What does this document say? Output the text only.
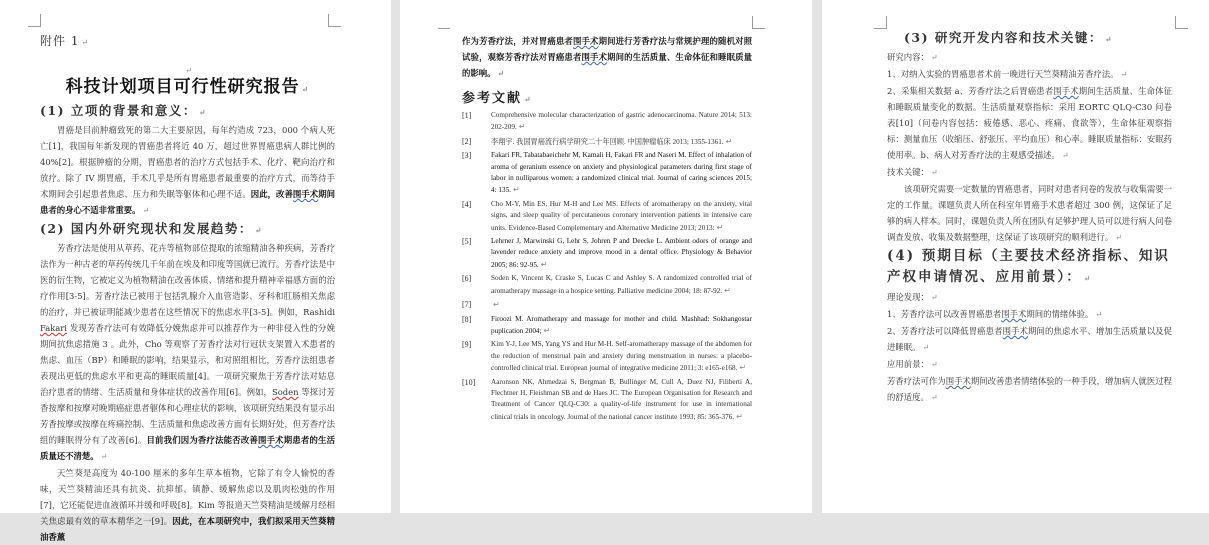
附件 1 ↵

↵
科技计划项目可行性研究报告 ↵
(1) 立项的背景和意义： ↵

胃癌是目前肿瘤致死的第二大主要原因，每年约造成 723，000 个病人死亡[1]，我国每年新发现的胃癌患者将近 40 万，超过世界胃癌患病人群比例的40%[2]。根据肿瘤的分期，胃癌患者的治疗方式包括手术、化疗、靶向治疗和放疗。除了 IV 期胃癌，手术几乎是所有胃癌患者最重要的治疗方式，而等待手术期间会引起患者焦虑、压力和失眠等躯体和心理不适。因此，改善围手术期间患者的身心不适非常重要。 ↵

(2) 国内外研究现状和发展趋势： ↵

芳香疗法是使用从草药、花卉等植物部位提取的浓缩精油各种疾病，芳香疗法作为一种古老的草药传统几千年前在埃及和印度等国就已流行。芳香疗法是中医的衍生物，它被定义为植物精油在改善体质、情绪和提升精神幸福感方面的治疗作用[3-5]。芳香疗法已被用于包括乳腺介入血管造影、牙科和肛肠相关焦虑的治疗，并已被证明能减少患者在这些情况下的焦虑水平[3-5]。例如，Rashidi Fakari 发现芳香疗法可有效降低分娩焦虑并可以推荐作为一种非侵入性的分娩期间抗焦虑措施 3 。此外，Cho 等观察了芳香疗法对行冠状支架置入术患者的焦虑、血压（BP）和睡眠的影响，结果显示，和对照组相比，芳香疗法组患者表现出更低的焦虑水平和更高的睡眠质量[4]。一项研究聚焦于芳香疗法对姑息治疗患者的情绪、生活质量和身体症状的改善作用[6]。例如，Soden 等探讨芳香按摩和按摩对晚期癌症患者躯体和心理症状的影响，该项研究结果没有显示出芳香按摩或按摩在疼痛控制、生活质量和焦虑改善方面有长期好处，但芳香疗法组的睡眠得分有了改善[6]。目前我们因为香疗法能否改善围手术期患者的生活质量还不清楚。 ↵

天竺葵是高度为 40-100 厘米的多年生草本植物，它除了有令人愉悦的香味，天竺葵精油还具有抗炎、抗抑郁、镇静、缓解焦虑以及肌肉松弛的作用[7]，它还能促进血液循环并缓和呼吸[8]。Kim 等报道天竺葵精油是缓解月经相关焦虑最有效的草本精华之一[9]。因此，在本项研究中，我们拟采用天竺葵精油香薰

作为芳香疗法，并对胃癌患者围手术期间进行芳香疗法与常规护理的随机对照试验，观察芳香疗法对胃癌患者围手术期间的生活质量、生命体征和睡眠质量的影响。 ↵

参考文献 ↵
[1]	Comprehensive molecular characterization of gastric adenocarcinoma. Nature 2014; 513: 202-209. ↵
[2]	李翔宇. 我国胃癌流行病学研究二十年回顾. 中国肿瘤临床 2013; 1355-1361. ↵
[3]	Fakari FR, Tabatabaeichehr M, Kamali H, Fakari FR and Naseri M. Effect of inhalation of aroma of geranium essence on anxiety and physiological parameters during first stage of labor in nulliparous women: a randomized clinical trial. Journal of caring sciences 2015; 4: 135. ↵
[4]	Cho M-Y, Min ES, Hur M-H and Lee MS. Effects of aromatherapy on the anxiety, vital signs, and sleep quality of percutaneous coronary intervention patients in intensive care units. Evidence-Based Complementary and Alternative Medicine 2013; 2013: ↵
[5]	Lehrner J, Marwinski G, Lehr S, Johren P and Deecke L. Ambient odors of orange and lavender reduce anxiety and improve mood in a dental office. Physiology & Behavior 2005; 86: 92-95. ↵
[6]	Soden K, Vincent K, Craske S, Lucas C and Ashley S. A randomized controlled trial of aromatherapy massage in a hospice setting. Palliative medicine 2004; 18: 87-92. ↵
[7]	↵
[8]	Firoozi M. Aromatherapy and massage for mother and child. Mashhad: Sokhangostar puplication 2004; ↵
[9]	Kim Y-J, Lee MS, Yang YS and Hur M-H. Self-aromatherapy massage of the abdomen for the reduction of menstrual pain and anxiety during menstruation in nurses: a placebo-controlled clinical trial. European journal of integrative medicine 2011; 3: e165-e168. ↵
[10]	Aaronson NK, Ahmedzai S, Bergman B, Bullinger M, Cull A, Duez NJ, Filiberti A, Flechtner H, Fleishman SB and de Haes JC. The European Organisation for Research and Treatment of Cancer QLQ-C30: a quality-of-life instrument for use in international clinical trials in oncology. Journal of the national cancer institute 1993; 85: 365-376. ↵
(3) 研究开发内容和技术关键： ↵

研究内容： ↵

1、对纳入实验的胃癌患者术前一晚进行天竺葵精油芳香疗法。 ↵

2、采集相关数据 a、芳香疗法之后胃癌患者围手术期间生活质量、生命体征和睡眠质量变化的数据。生活质量观察指标：采用 EORTC QLQ-C30 问卷表[10]（问卷内容包括：疲倦感、恶心、疼痛、食欲等），生命体征观察指标：测量血压（收缩压、舒张压、平均血压）和心率。睡眠质量指标：安眠药使用率。b、病人对芳香疗法的主观感受描述。 ↵

技术关键： ↵

该项研究需要一定数量的胃癌患者，同时对患者问卷的发放与收集需要一定的工作量。课题负责人所在科室年胃癌手术患者超过 300 例，这保证了足够的病人样本。同时，课题负责人所在团队有足够护理人员可以进行病人问卷调查发放、收集及数据整理，这保证了该项研究的顺利进行。 ↵

(4) 预期目标（主要技术经济指标、知识产权申请情况、应用前景）： ↵

理论发现： ↵

1、芳香疗法可以改善胃癌患者围手术期间的情绪体验。 ↵

2、芳香疗法可以降低胃癌患者围手术期间的焦虑水平、增加生活质量以及促进睡眠。 ↵

应用前景： ↵

芳香疗法可作为围手术期间改善患者情绪体验的一种手段，增加病人就医过程的舒适度。 ↵
